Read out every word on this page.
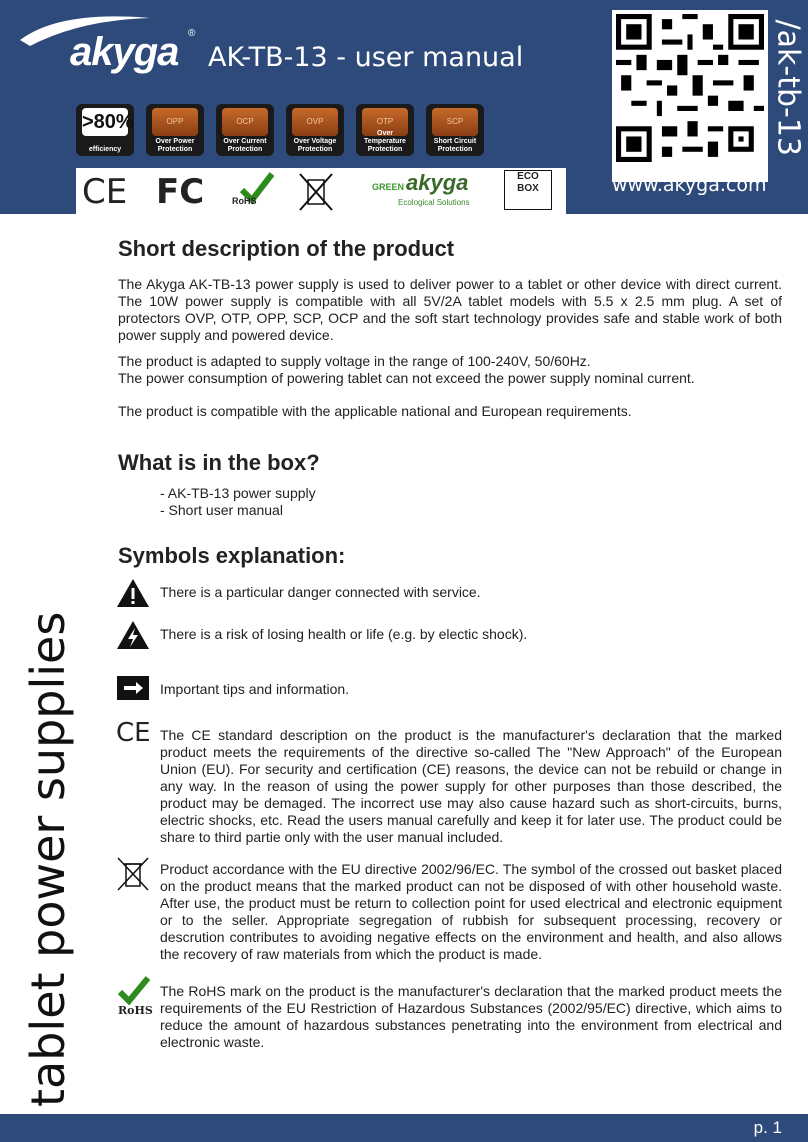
akyga ®
AK-TB-13 - user manual
>80%
efficiency
OPP
Over Power Protection
OCP
Over Current Protection
OVP
Over Voltage Protection
OTP
Over Temperature Protection
SCP
Short Circuit Protection
CE FC	RoHS
GREEN akyga
Ecological Solutions
ECO
BOX
/ak-tb-13
www.akyga.com
tablet power supplies
Short description of the product

The Akyga AK-TB-13 power supply is used to deliver power to a tablet or other device with direct current. The 10W power supply is compatible with all 5V/2A tablet models with 5.5 x 2.5 mm plug. A set of protectors OVP, OTP, OPP, SCP, OCP and the soft start technology provides safe and stable work of both power supply and powered device.

The product is adapted to supply voltage in the range of 100-240V, 50/60Hz.

The power consumption of powering tablet can not exceed the power supply nominal current.

The product is compatible with the applicable national and European requirements.

What is in the box?
- AK-TB-13 power supply
- Short user manual
Symbols explanation:
There is a particular danger connected with service.
There is a risk of losing health or life (e.g. by electic shock).
Important tips and information.
CE The CE standard description on the product is the manufacturer's declaration that the marked product meets the requirements of the directive so-called The "New Approach" of the European Union (EU). For security and certification (CE) reasons, the device can not be rebuild or change in any way. In the reason of using the power supply for other purposes than those described, the product may be demaged. The incorrect use may also cause hazard such as short-circuits, burns, electric shocks, etc. Read the users manual carefully and keep it for later use. The product could be share to third partie only with the user manual included.
Product accordance with the EU directive 2002/96/EC. The symbol of the crossed out basket placed on the product means that the marked product can not be disposed of with other household waste. After use, the product must be return to collection point for used electrical and electronic equipment or to the seller. Appropriate segregation of rubbish for subsequent processing, recovery or descrution contributes to avoiding negative effects on the environment and health, and also allows the recovery of raw materials from which the product is made.
RoHS
The RoHS mark on the product is the manufacturer's declaration that the marked product meets the requirements of the EU Restriction of Hazardous Substances (2002/95/EC) directive, which aims to reduce the amount of hazardous substances penetrating into the environment from electrical and electronic waste.
p. 1
